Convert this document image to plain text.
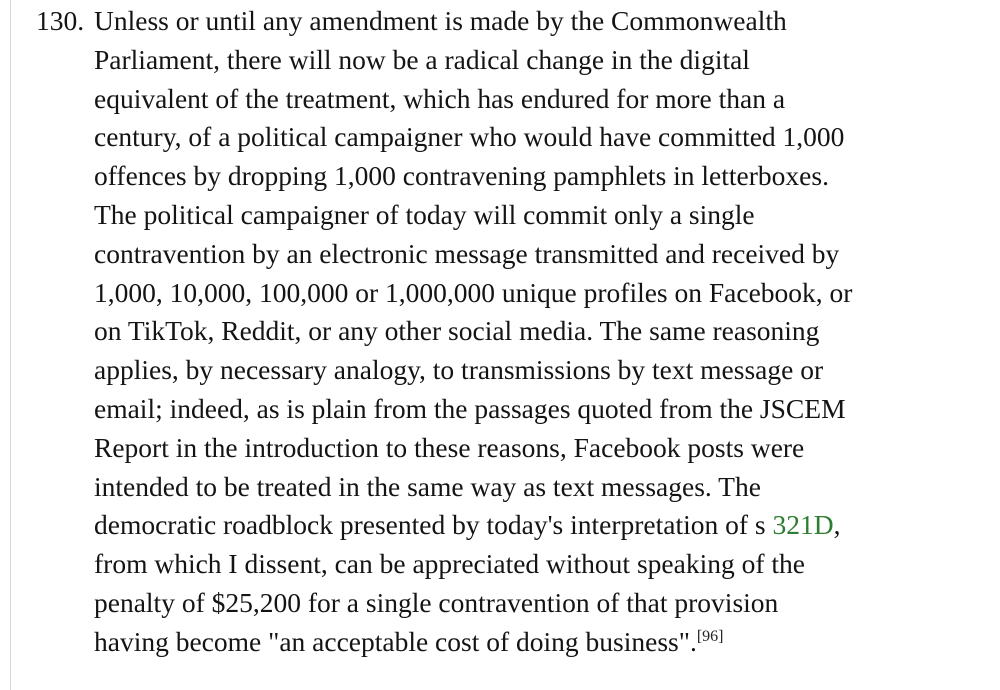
130. Unless or until any amendment is made by the Commonwealth
Parliament, there will now be a radical change in the digital
equivalent of the treatment, which has endured for more than a
century, of a political campaigner who would have committed 1,000
offences by dropping 1,000 contravening pamphlets in letterboxes.
The political campaigner of today will commit only a single
contravention by an electronic message transmitted and received by
1,000, 10,000, 100,000 or 1,000,000 unique profiles on Facebook, or
on TikTok, Reddit, or any other social media. The same reasoning
applies, by necessary analogy, to transmissions by text message or
email; indeed, as is plain from the passages quoted from the JSCEM
Report in the introduction to these reasons, Facebook posts were
intended to be treated in the same way as text messages. The
democratic roadblock presented by today's interpretation of s 321D,
from which I dissent, can be appreciated without speaking of the
penalty of $25,200 for a single contravention of that provision
having become "an acceptable cost of doing business".[96]
